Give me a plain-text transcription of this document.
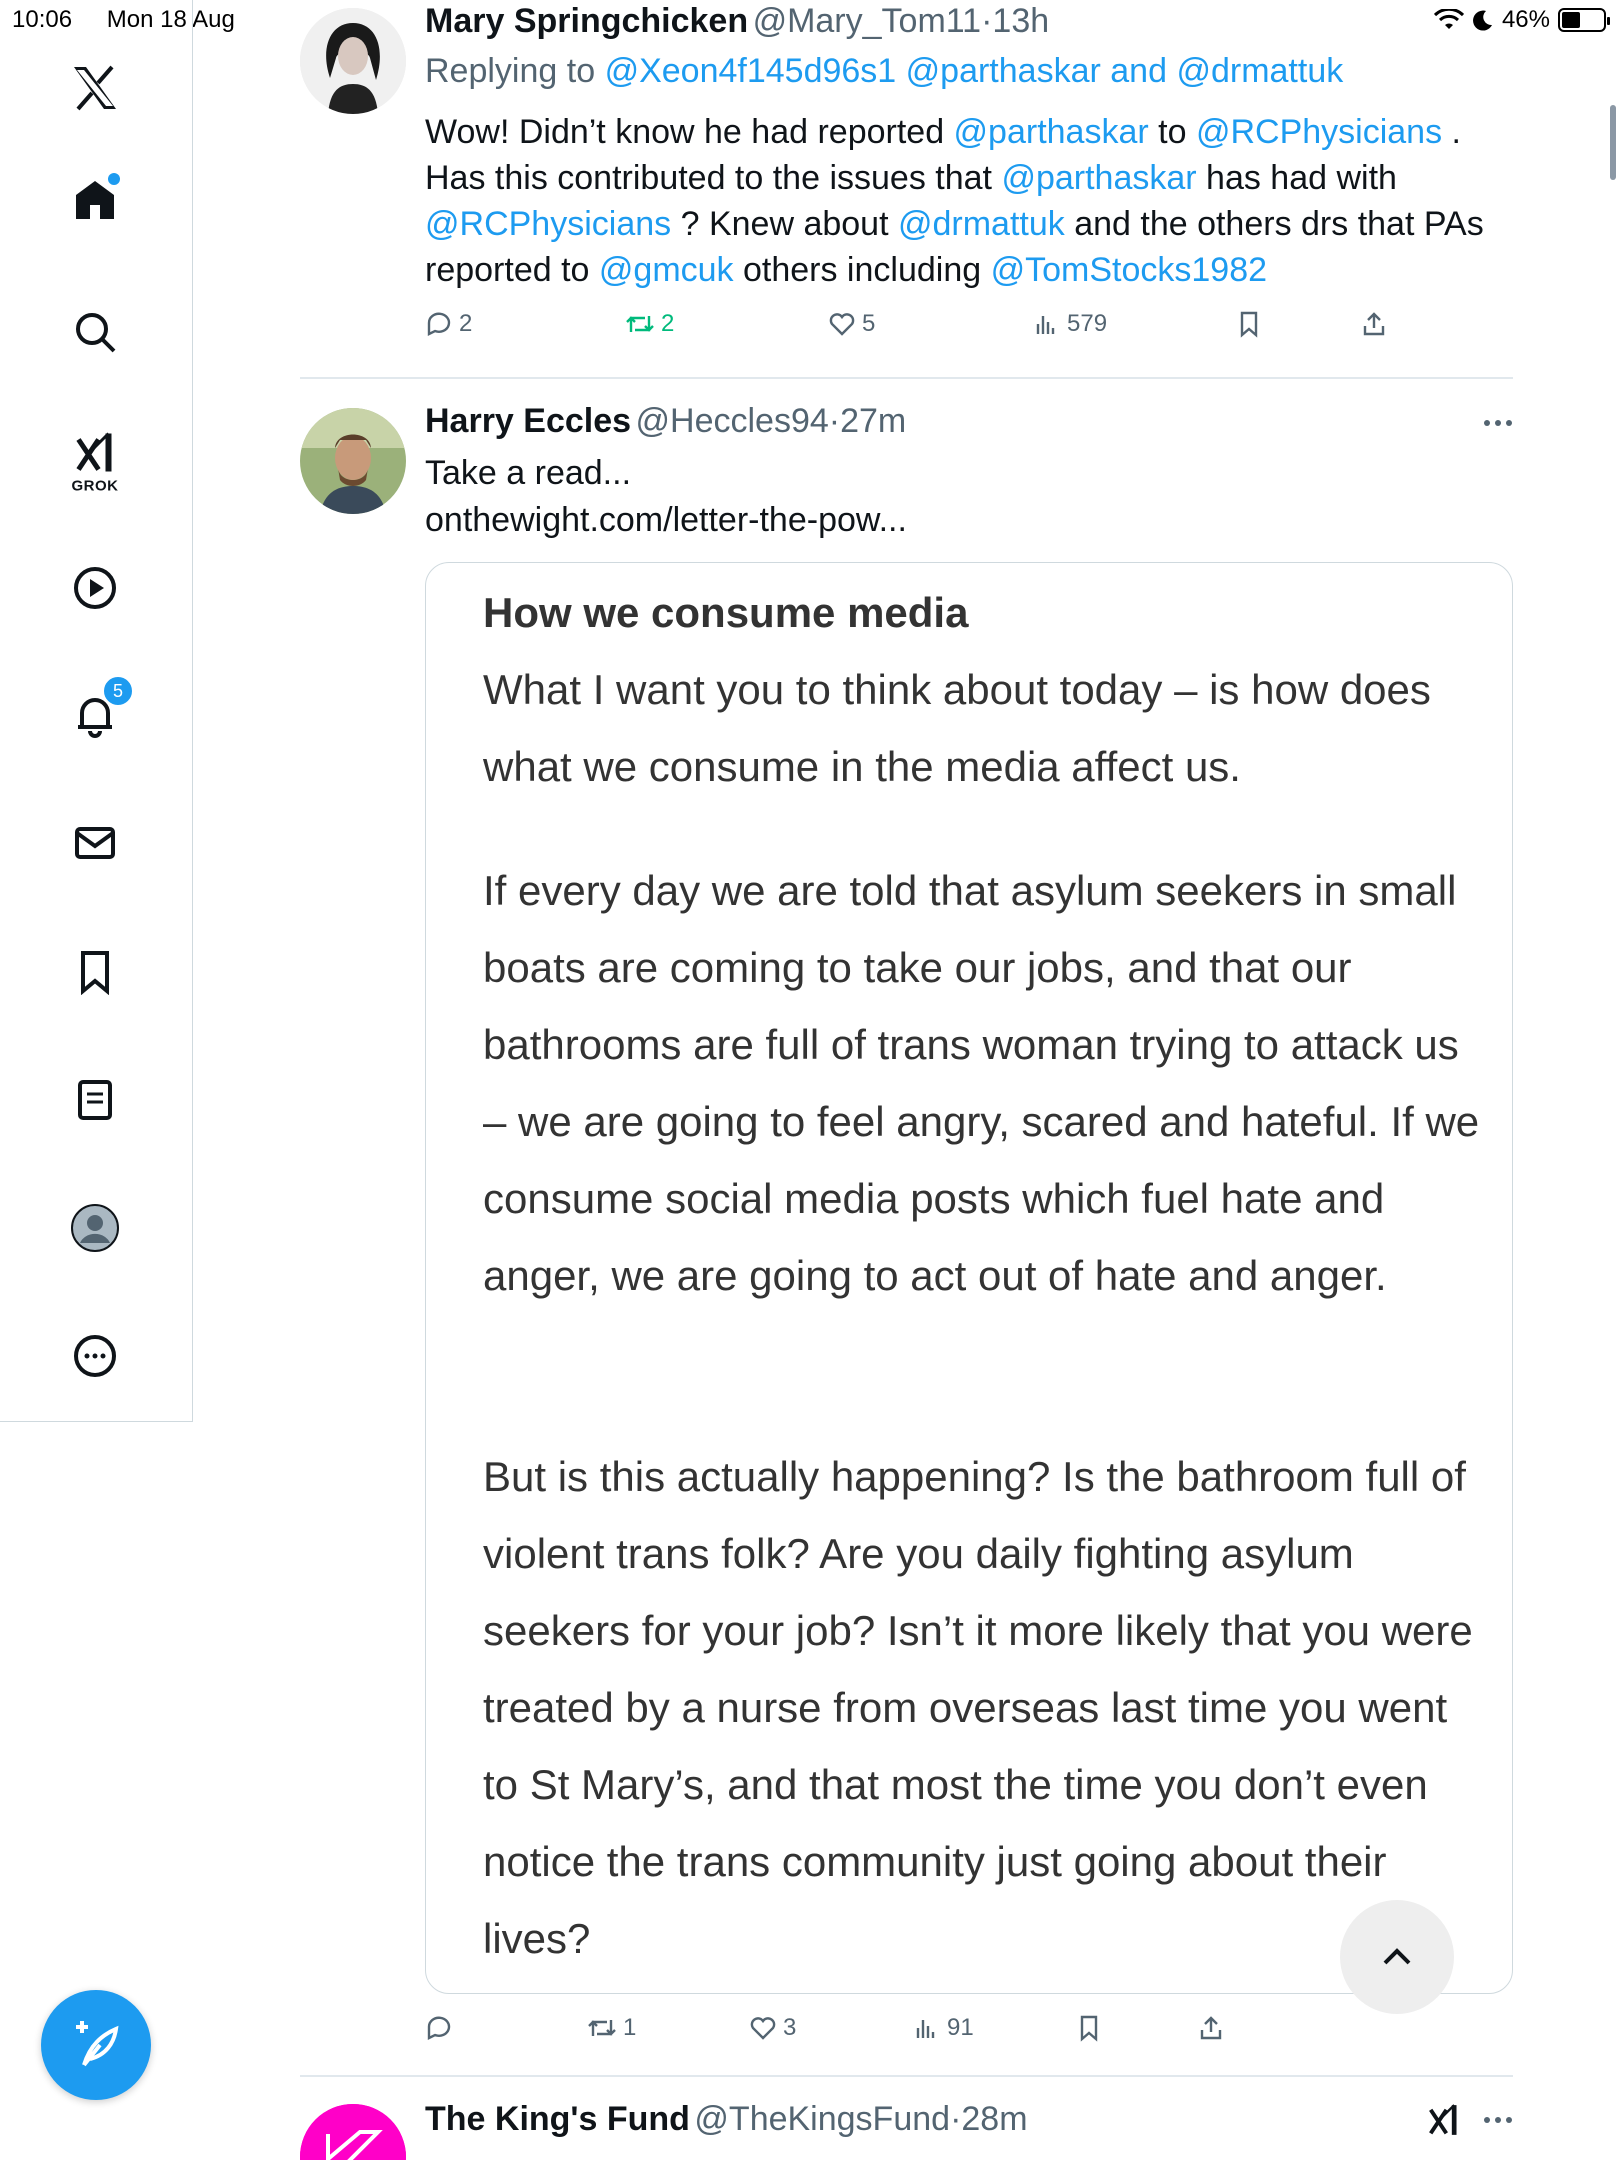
10:06 Mon 18 Aug	46%
GROK
5
Mary Springchicken @Mary_Tom11·13h
Replying to @Xeon4f145d96s1 @parthaskar and @drmattuk
Wow! Didn’t know he had reported @parthaskar to @RCPhysicians . Has this contributed to the issues that @parthaskar has had with @RCPhysicians ? Knew about @drmattuk and the others drs that PAs reported to @gmcuk others including @TomStocks1982
2	2	5	579
Harry Eccles @Heccles94·27m
Take a read...
onthewight.com/letter-the-pow...
How we consume media
What I want you to think about today – is how does what we consume in the media affect us.
If every day we are told that asylum seekers in small boats are coming to take our jobs, and that our bathrooms are full of trans woman trying to attack us – we are going to feel angry, scared and hateful. If we consume social media posts which fuel hate and anger, we are going to act out of hate and anger.
But is this actually happening? Is the bathroom full of violent trans folk? Are you daily fighting asylum seekers for your job? Isn’t it more likely that you were treated by a nurse from overseas last time you went to St Mary’s, and that most the time you don’t even notice the trans community just going about their lives?
1	3	91
The King's Fund @TheKingsFund·28m
